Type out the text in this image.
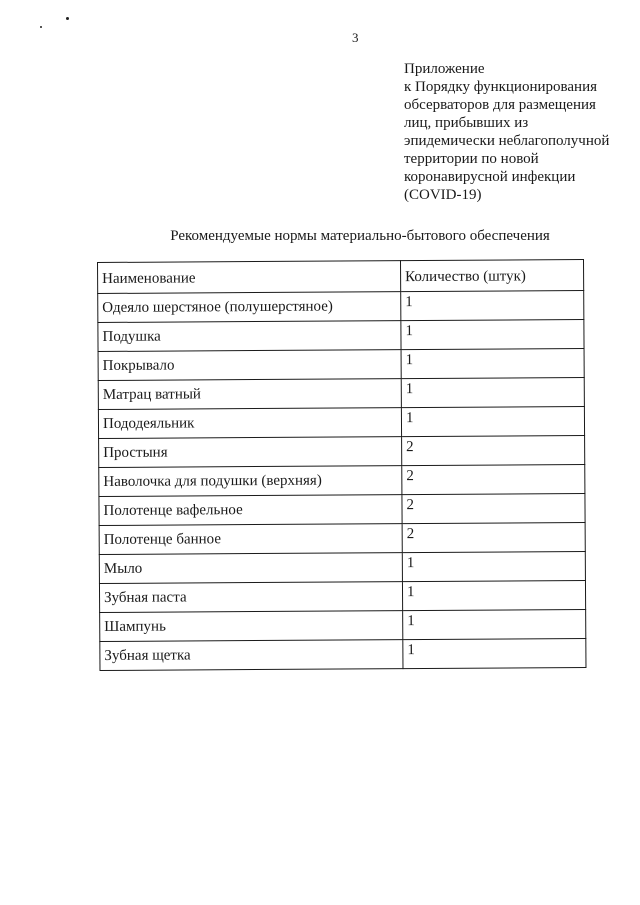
3
Приложение
к Порядку функционирования
обсерваторов для размещения
лиц, прибывших из
эпидемически неблагополучной
территории по новой
коронавирусной инфекции
(COVID-19)
Рекомендуемые нормы материально-бытового обеспечения
Наименование	Количество (штук)
Одеяло шерстяное (полушерстяное)	1
Подушка	1
Покрывало	1
Матрац ватный	1
Пододеяльник	1
Простыня	2
Наволочка для подушки (верхняя)	2
Полотенце вафельное	2
Полотенце банное	2
Мыло	1
Зубная паста	1
Шампунь	1
Зубная щетка	1
